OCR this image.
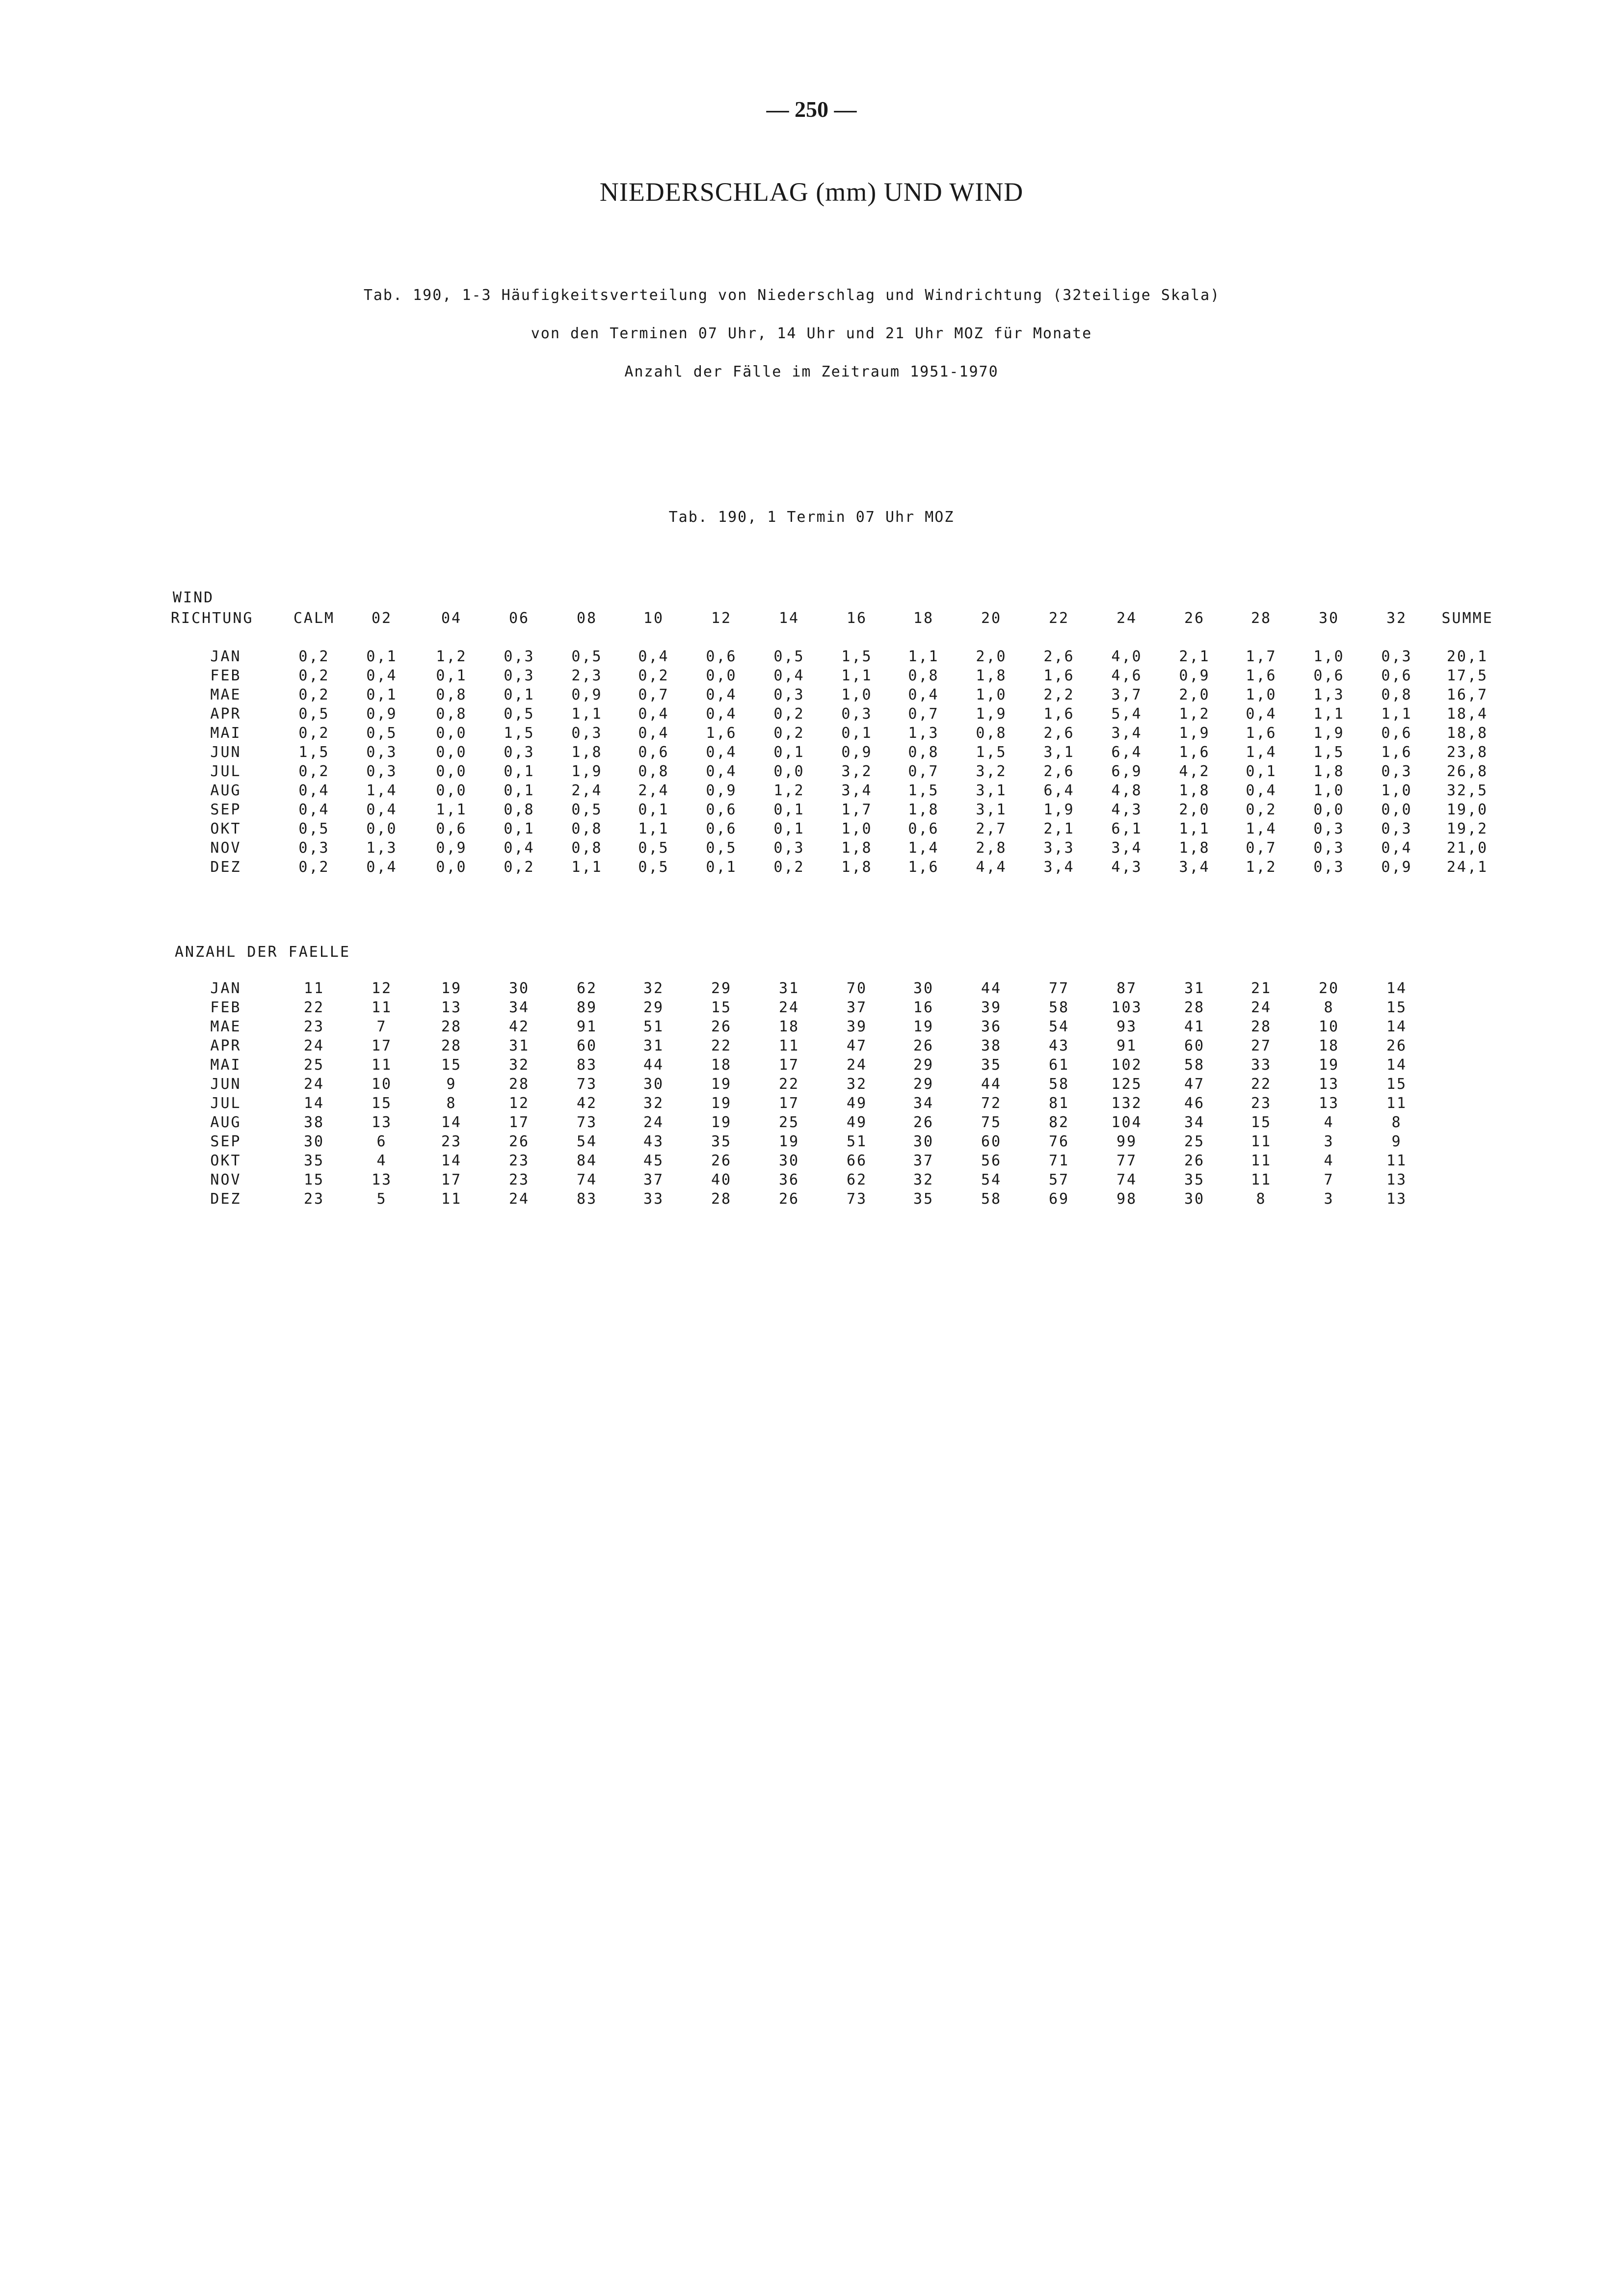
— 250 —
NIEDERSCHLAG (mm) UND WIND
Tab. 190, 1-3 Häufigkeitsverteilung von Niederschlag und Windrichtung (32teilige Skala)
von den Terminen 07 Uhr, 14 Uhr und 21 Uhr MOZ für Monate
Anzahl der Fälle im Zeitraum 1951-1970
Tab. 190, 1 Termin 07 Uhr MOZ
WIND
RICHTUNG	CALM	02	04	06	08	10	12	14	16	18	20	22	24	26	28	30	32	SUMME
JAN	0,2	0,1	1,2	0,3	0,5	0,4	0,6	0,5	1,5	1,1	2,0	2,6	4,0	2,1	1,7	1,0	0,3	20,1
FEB	0,2	0,4	0,1	0,3	2,3	0,2	0,0	0,4	1,1	0,8	1,8	1,6	4,6	0,9	1,6	0,6	0,6	17,5
MAE	0,2	0,1	0,8	0,1	0,9	0,7	0,4	0,3	1,0	0,4	1,0	2,2	3,7	2,0	1,0	1,3	0,8	16,7
APR	0,5	0,9	0,8	0,5	1,1	0,4	0,4	0,2	0,3	0,7	1,9	1,6	5,4	1,2	0,4	1,1	1,1	18,4
MAI	0,2	0,5	0,0	1,5	0,3	0,4	1,6	0,2	0,1	1,3	0,8	2,6	3,4	1,9	1,6	1,9	0,6	18,8
JUN	1,5	0,3	0,0	0,3	1,8	0,6	0,4	0,1	0,9	0,8	1,5	3,1	6,4	1,6	1,4	1,5	1,6	23,8
JUL	0,2	0,3	0,0	0,1	1,9	0,8	0,4	0,0	3,2	0,7	3,2	2,6	6,9	4,2	0,1	1,8	0,3	26,8
AUG	0,4	1,4	0,0	0,1	2,4	2,4	0,9	1,2	3,4	1,5	3,1	6,4	4,8	1,8	0,4	1,0	1,0	32,5
SEP	0,4	0,4	1,1	0,8	0,5	0,1	0,6	0,1	1,7	1,8	3,1	1,9	4,3	2,0	0,2	0,0	0,0	19,0
OKT	0,5	0,0	0,6	0,1	0,8	1,1	0,6	0,1	1,0	0,6	2,7	2,1	6,1	1,1	1,4	0,3	0,3	19,2
NOV	0,3	1,3	0,9	0,4	0,8	0,5	0,5	0,3	1,8	1,4	2,8	3,3	3,4	1,8	0,7	0,3	0,4	21,0
DEZ	0,2	0,4	0,0	0,2	1,1	0,5	0,1	0,2	1,8	1,6	4,4	3,4	4,3	3,4	1,2	0,3	0,9	24,1
ANZAHL DER FAELLE
JAN	11	12	19	30	62	32	29	31	70	30	44	77	87	31	21	20	14
FEB	22	11	13	34	89	29	15	24	37	16	39	58	103	28	24	8	15
MAE	23	7	28	42	91	51	26	18	39	19	36	54	93	41	28	10	14
APR	24	17	28	31	60	31	22	11	47	26	38	43	91	60	27	18	26
MAI	25	11	15	32	83	44	18	17	24	29	35	61	102	58	33	19	14
JUN	24	10	9	28	73	30	19	22	32	29	44	58	125	47	22	13	15
JUL	14	15	8	12	42	32	19	17	49	34	72	81	132	46	23	13	11
AUG	38	13	14	17	73	24	19	25	49	26	75	82	104	34	15	4	8
SEP	30	6	23	26	54	43	35	19	51	30	60	76	99	25	11	3	9
OKT	35	4	14	23	84	45	26	30	66	37	56	71	77	26	11	4	11
NOV	15	13	17	23	74	37	40	36	62	32	54	57	74	35	11	7	13
DEZ	23	5	11	24	83	33	28	26	73	35	58	69	98	30	8	3	13
